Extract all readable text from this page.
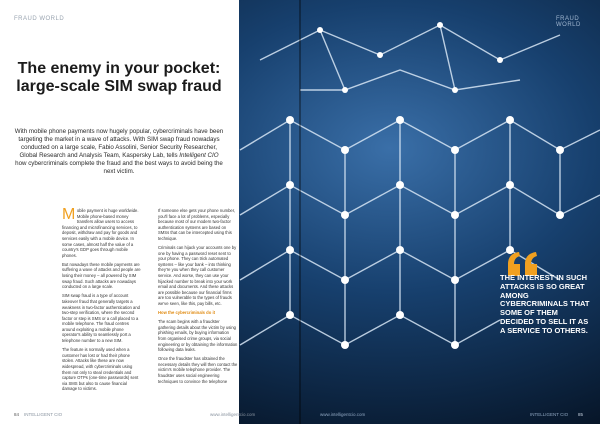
The enemy in your pocket: large-scale SIM swap fraud

With mobile phone payments now hugely popular, cybercriminals have been targeting the market in a wave of attacks. With SIM swap fraud nowadays conducted on a large scale, Fabio Assolini, Senior Security Researcher, Global Research and Analysis Team, Kaspersky Lab, tells Intelligent CIO how cybercriminals complete the fraud and the best ways to avoid being the next victim.

Mobile payment is huge worldwide. Mobile phone-based money transfers allow users to access financing and microfinancing services, to deposit, withdraw and pay for goods and services easily with a mobile device. In some cases, almost half the value of a country's GDP goes through mobile phones.

But nowadays these mobile payments are suffering a wave of attacks and people are losing their money – all powered by SIM swap fraud. Such attacks are nowadays conducted on a large scale.

SIM swap fraud is a type of account takeover fraud that generally targets a weakness in two-factor authentication and two-step verification, where the second factor or step is SMS or a call placed to a mobile telephone. The fraud centres around exploiting a mobile phone operator's ability to seamlessly port a telephone number to a new SIM.

The feature is normally used when a customer has lost or had their phone stolen. Attacks like these are now widespread, with cybercriminals using them not only to steal credentials and capture OTPs (one-time passwords) sent via SMS but also to cause financial damage to victims.

If someone else gets your phone number, you'll face a lot of problems, especially because most of our modern two-factor authentication systems are based on SMSs that can be intercepted using this technique.

Criminals can hijack your accounts one by one by having a password reset sent to your phone. They can trick automated systems – like your bank – into thinking they're you when they call customer service. And worse, they can use your hijacked number to break into your work email and documents. And these attacks are possible because our financial firms are too vulnerable to the types of frauds we've seen, like this, pay bills, etc.

How the cybercriminals do it

The scam begins with a fraudster gathering details about the victim by using phishing emails, by buying information from organised crime groups, via social engineering or by obtaining the information following data leaks.

Once the fraudster has obtained the necessary details they will then contact the victim's mobile telephone provider. The fraudster uses social engineering techniques to convince the telephone

FRAUD WORLD	FRAUD WORLD
THE INTEREST IN SUCH ATTACKS IS SO GREAT AMONG CYBERCRIMINALS THAT SOME OF THEM DECIDED TO SELL IT AS A SERVICE TO OTHERS.
84 INTELLIGENT CIO	www.intelligentcio.com	www.intelligentcio.com	INTELLIGENT CIO 85
